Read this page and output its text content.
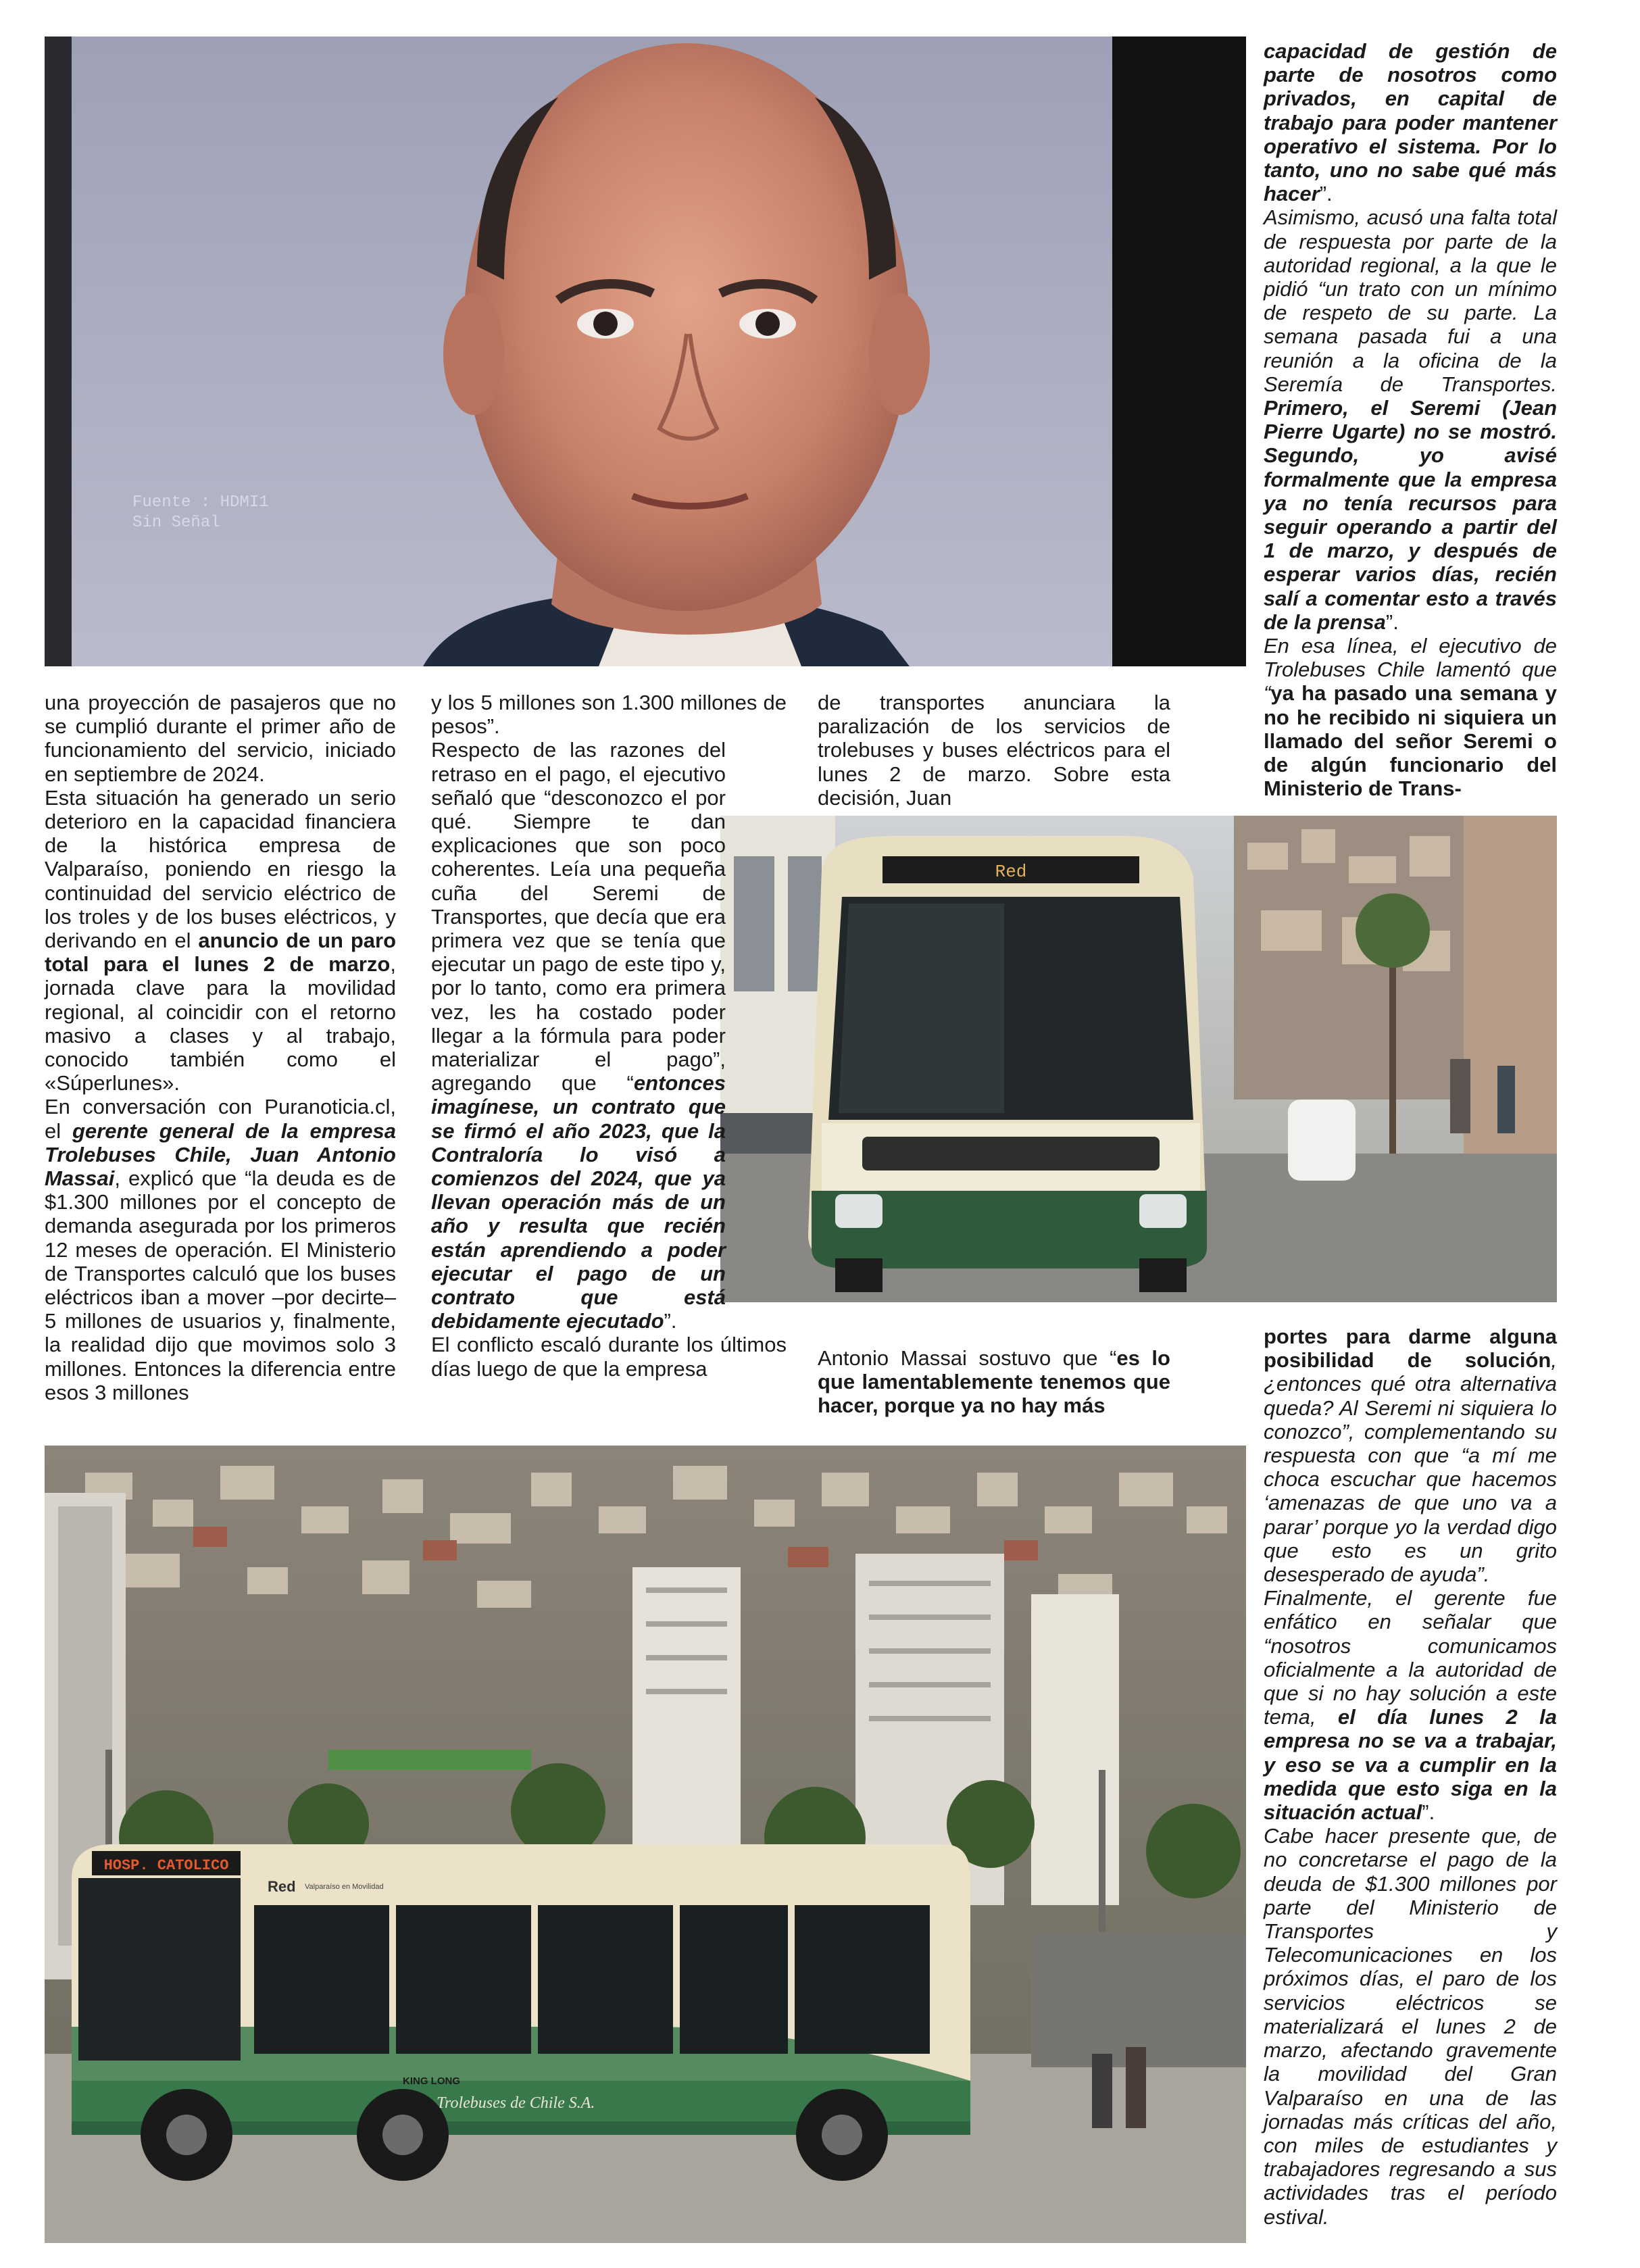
Fuente : HDMI1
Sin Señal
Red
HOSP. CATOLICO
Red Valparaíso en Movilidad
KING LONG
Trolebuses de Chile S.A.

una proyección de pasajeros que no se cumplió durante el primer año de funcionamiento del servicio, iniciado en septiembre de 2024.

Esta situación ha generado un serio deterioro en la capacidad financiera de la histórica empresa de Valparaíso, poniendo en riesgo la continuidad del servicio eléctrico de los troles y de los buses eléctricos, y derivando en el anuncio de un paro total para el lunes 2 de marzo, jornada clave para la movilidad regional, al coincidir con el retorno masivo a clases y al trabajo, conocido también como el «Súperlunes».

En conversación con Puranoticia.cl, el gerente general de la empresa Trolebuses Chile, Juan Antonio Massai, explicó que “la deuda es de $1.300 millones por el concepto de demanda asegurada por los primeros 12 meses de operación. El Ministerio de Transportes calculó que los buses eléctricos iban a mover –por decirte– 5 millones de usuarios y, finalmente, la realidad dijo que movimos solo 3 millones. Entonces la diferencia entre esos 3 millones

y los 5 millones son 1.300 millones de pesos”.

Respecto de las razones del retraso en el pago, el ejecutivo señaló que “desconozco el por qué. Siempre te dan explicaciones que son poco coherentes. Leía una pequeña cuña del Seremi de Transportes, que decía que era primera vez que se tenía que ejecutar un pago de este tipo y, por lo tanto, como era primera vez, les ha costado poder llegar a la fórmula para poder materializar el pago”, agregando que “entonces imagínese, un contrato que se firmó el año 2023, que la Contraloría lo visó a comienzos del 2024, que ya llevan operación más de un año y resulta que recién están aprendiendo a poder ejecutar el pago de un contrato que está debidamente ejecutado”.

El conflicto escaló durante los últimos días luego de que la empresa

de transportes anunciara la paralización de los servicios de trolebuses y buses eléctricos para el lunes 2 de marzo. Sobre esta decisión, Juan

Antonio Massai sostuvo que “es lo que lamentablemente tenemos que hacer, porque ya no hay más

capacidad de gestión de parte de nosotros como privados, en capital de trabajo para poder mantener operativo el sistema. Por lo tanto, uno no sabe qué más hacer”.

Asimismo, acusó una falta total de respuesta por parte de la autoridad regional, a la que le pidió “un trato con un mínimo de respeto de su parte. La semana pasada fui a una reunión a la oficina de la Seremía de Transportes. Primero, el Seremi (Jean Pierre Ugarte) no se mostró. Segundo, yo avisé formalmente que la empresa ya no tenía recursos para seguir operando a partir del 1 de marzo, y después de esperar varios días, recién salí a comentar esto a través de la prensa”.

En esa línea, el ejecutivo de Trolebuses Chile lamentó que “ya ha pasado una semana y no he recibido ni siquiera un llamado del señor Seremi o de algún funcionario del Ministerio de Trans-

portes para darme alguna posibilidad de solución, ¿entonces qué otra alternativa queda? Al Seremi ni siquiera lo conozco”, complementando su respuesta con que “a mí me choca escuchar que hacemos ‘amenazas de que uno va a parar’ porque yo la verdad digo que esto es un grito desesperado de ayuda”.

Finalmente, el gerente fue enfático en señalar que “nosotros comunicamos oficialmente a la autoridad de que si no hay solución a este tema, el día lunes 2 la empresa no se va a trabajar, y eso se va a cumplir en la medida que esto siga en la situación actual”.

Cabe hacer presente que, de no concretarse el pago de la deuda de $1.300 millones por parte del Ministerio de Transportes y Telecomunicaciones en los próximos días, el paro de los servicios eléctricos se materializará el lunes 2 de marzo, afectando gravemente la movilidad del Gran Valparaíso en una de las jornadas más críticas del año, con miles de estudiantes y trabajadores regresando a sus actividades tras el período estival.
